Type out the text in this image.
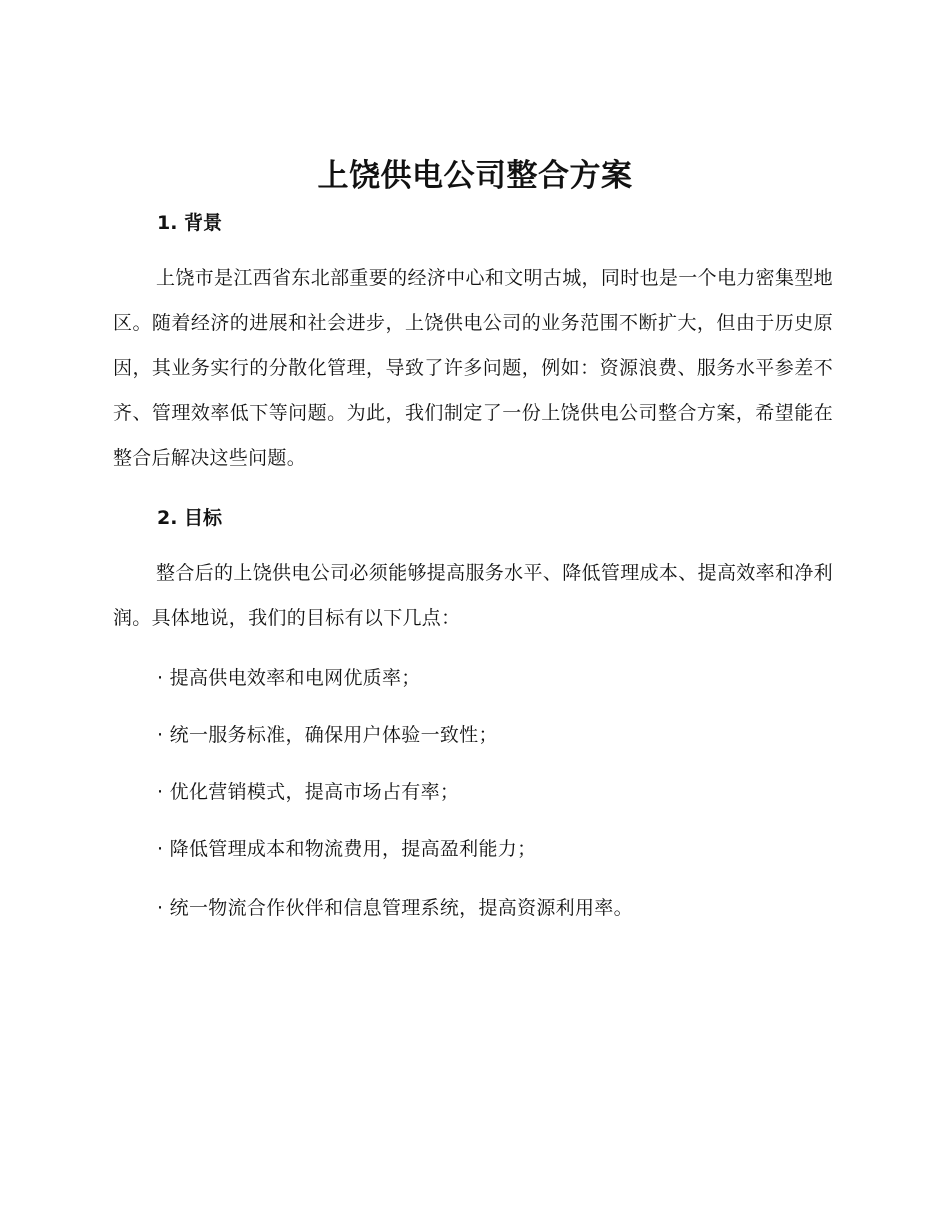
上饶供电公司整合方案
1. 背景
上饶市是江西省东北部重要的经济中心和文明古城，同时也是一个电力密集型地区。随着经济的进展和社会进步，上饶供电公司的业务范围不断扩大，但由于历史原因，其业务实行的分散化管理，导致了许多问题，例如：资源浪费、服务水平参差不齐、管理效率低下等问题。为此，我们制定了一份上饶供电公司整合方案，希望能在整合后解决这些问题。
2. 目标
整合后的上饶供电公司必须能够提高服务水平、降低管理成本、提高效率和净利润。具体地说，我们的目标有以下几点：
· 提高供电效率和电网优质率；
· 统一服务标准，确保用户体验一致性；
· 优化营销模式，提高市场占有率；
· 降低管理成本和物流费用，提高盈利能力；
· 统一物流合作伙伴和信息管理系统，提高资源利用率。
